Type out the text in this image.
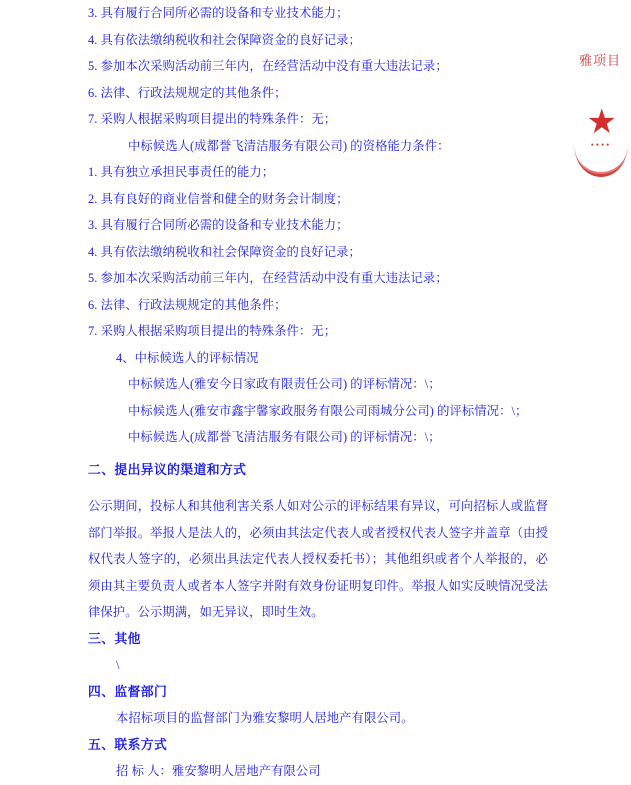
雅项目
★
••••

3. 具有履行合同所必需的设备和专业技术能力；

4. 具有依法缴纳税收和社会保障资金的良好记录；

5. 参加本次采购活动前三年内，在经营活动中没有重大违法记录；

6. 法律、行政法规规定的其他条件；

7. 采购人根据采购项目提出的特殊条件：无；

中标候选人(成都誉飞清洁服务有限公司) 的资格能力条件：

1. 具有独立承担民事责任的能力；

2. 具有良好的商业信誉和健全的财务会计制度；

3. 具有履行合同所必需的设备和专业技术能力；

4. 具有依法缴纳税收和社会保障资金的良好记录；

5. 参加本次采购活动前三年内，在经营活动中没有重大违法记录；

6. 法律、行政法规规定的其他条件；

7. 采购人根据采购项目提出的特殊条件：无；

4、中标候选人的评标情况

中标候选人(雅安今日家政有限责任公司) 的评标情况：\；

中标候选人(雅安市鑫宇馨家政服务有限公司雨城分公司) 的评标情况：\；

中标候选人(成都誉飞清洁服务有限公司) 的评标情况：\；

二、提出异议的渠道和方式

公示期间，投标人和其他利害关系人如对公示的评标结果有异议，可向招标人或监督部门举报。举报人是法人的，必须由其法定代表人或者授权代表人签字并盖章（由授权代表人签字的，必须出具法定代表人授权委托书）；其他组织或者个人举报的，必须由其主要负责人或者本人签字并附有效身份证明复印件。举报人如实反映情况受法律保护。公示期满，如无异议，即时生效。

三、其他

\

四、监督部门

本招标项目的监督部门为雅安黎明人居地产有限公司。

五、联系方式

招 标 人：雅安黎明人居地产有限公司
